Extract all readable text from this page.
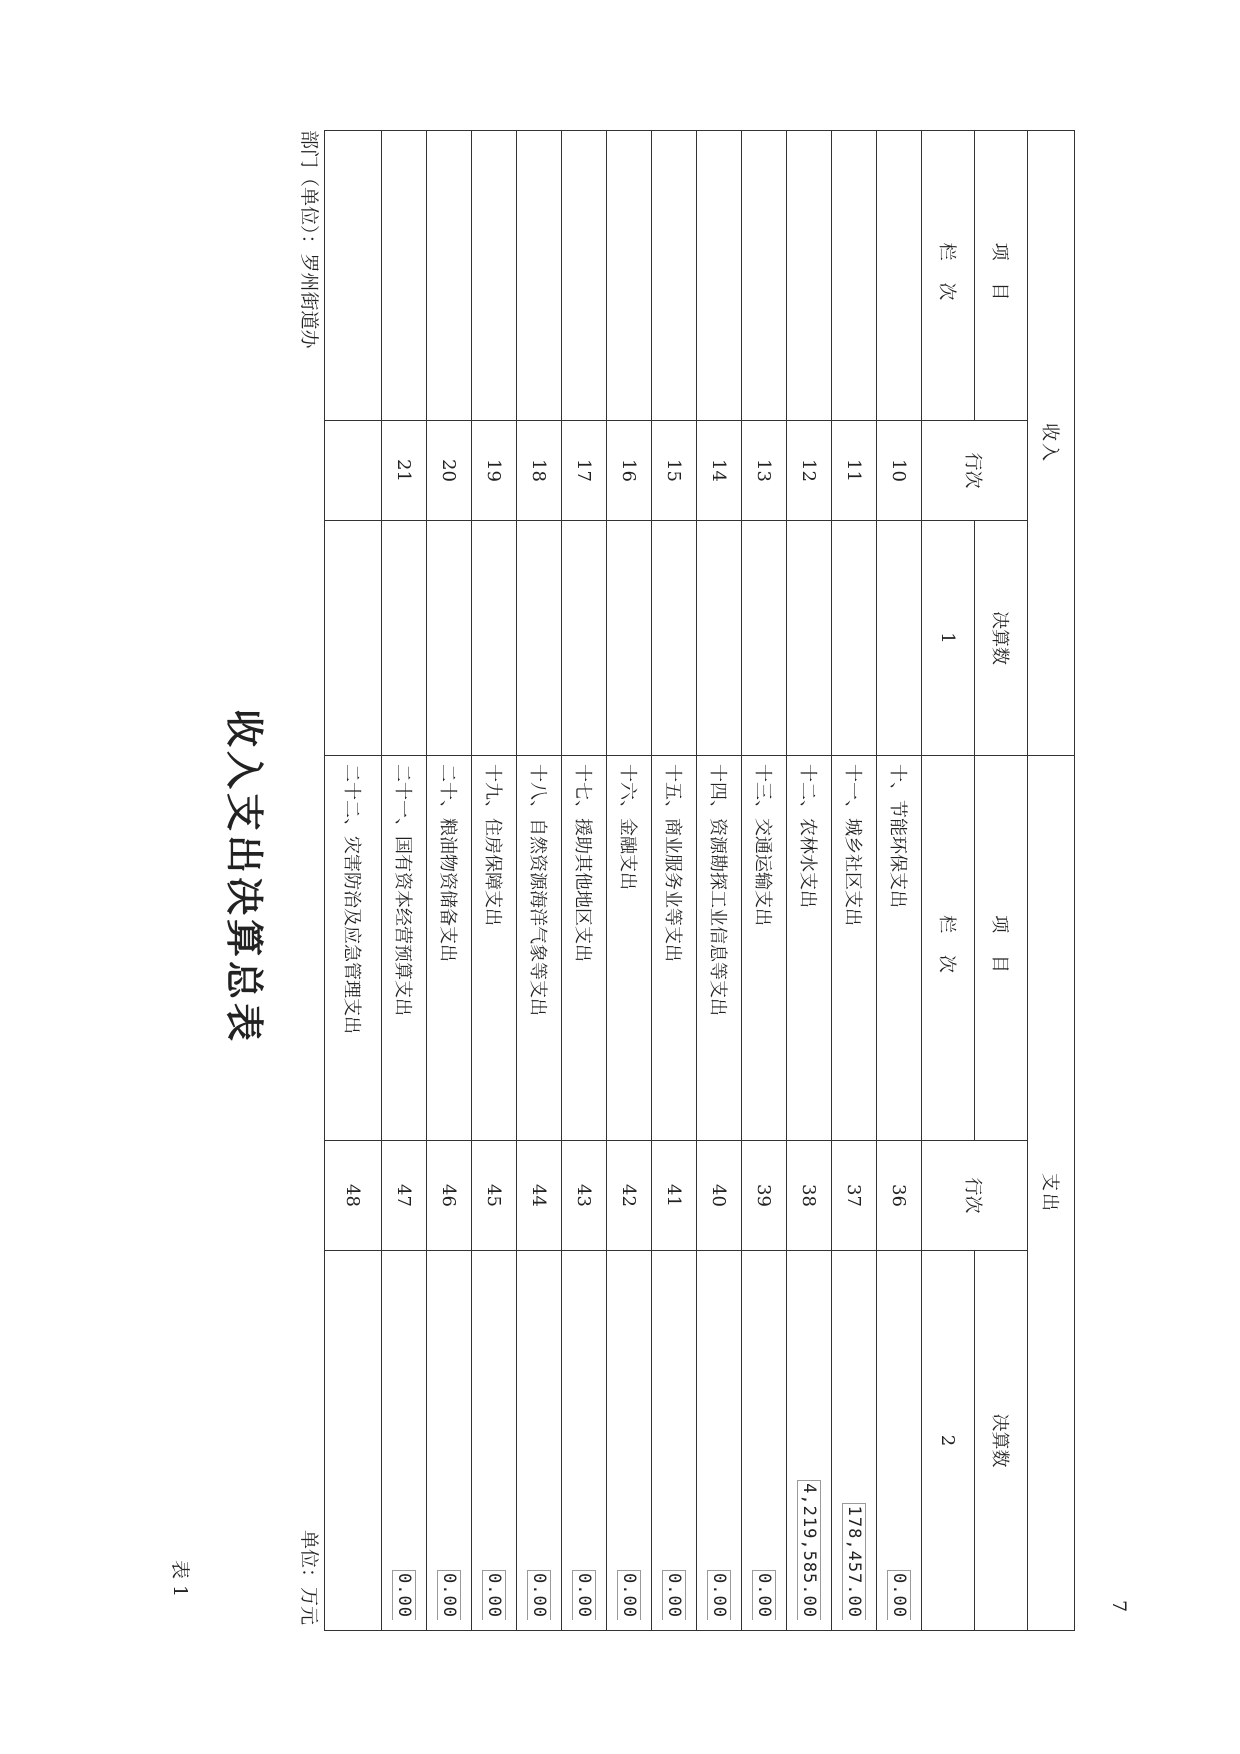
表 1
收入支出决算总表
7
部门（单位）：罗州街道办
单位：万元
收入			支出		
项 目	行次	决算数	项 目	行次	决算数
栏 次		1	栏 次		2
	10		十、节能环保支出	36	0.00
	11		十一、城乡社区支出	37	178,457.00
	12		十二、农林水支出	38	4,219,585.00
	13		十三、交通运输支出	39	0.00
	14		十四、资源勘探工业信息等支出	40	0.00
	15		十五、商业服务业等支出	41	0.00
	16		十六、金融支出	42	0.00
	17		十七、援助其他地区支出	43	0.00
	18		十八、自然资源海洋气象等支出	44	0.00
	19		十九、住房保障支出	45	0.00
	20		二十、粮油物资储备支出	46	0.00
	21		二十一、国有资本经营预算支出	47	0.00
			二十二、灾害防治及应急管理支出	48	
